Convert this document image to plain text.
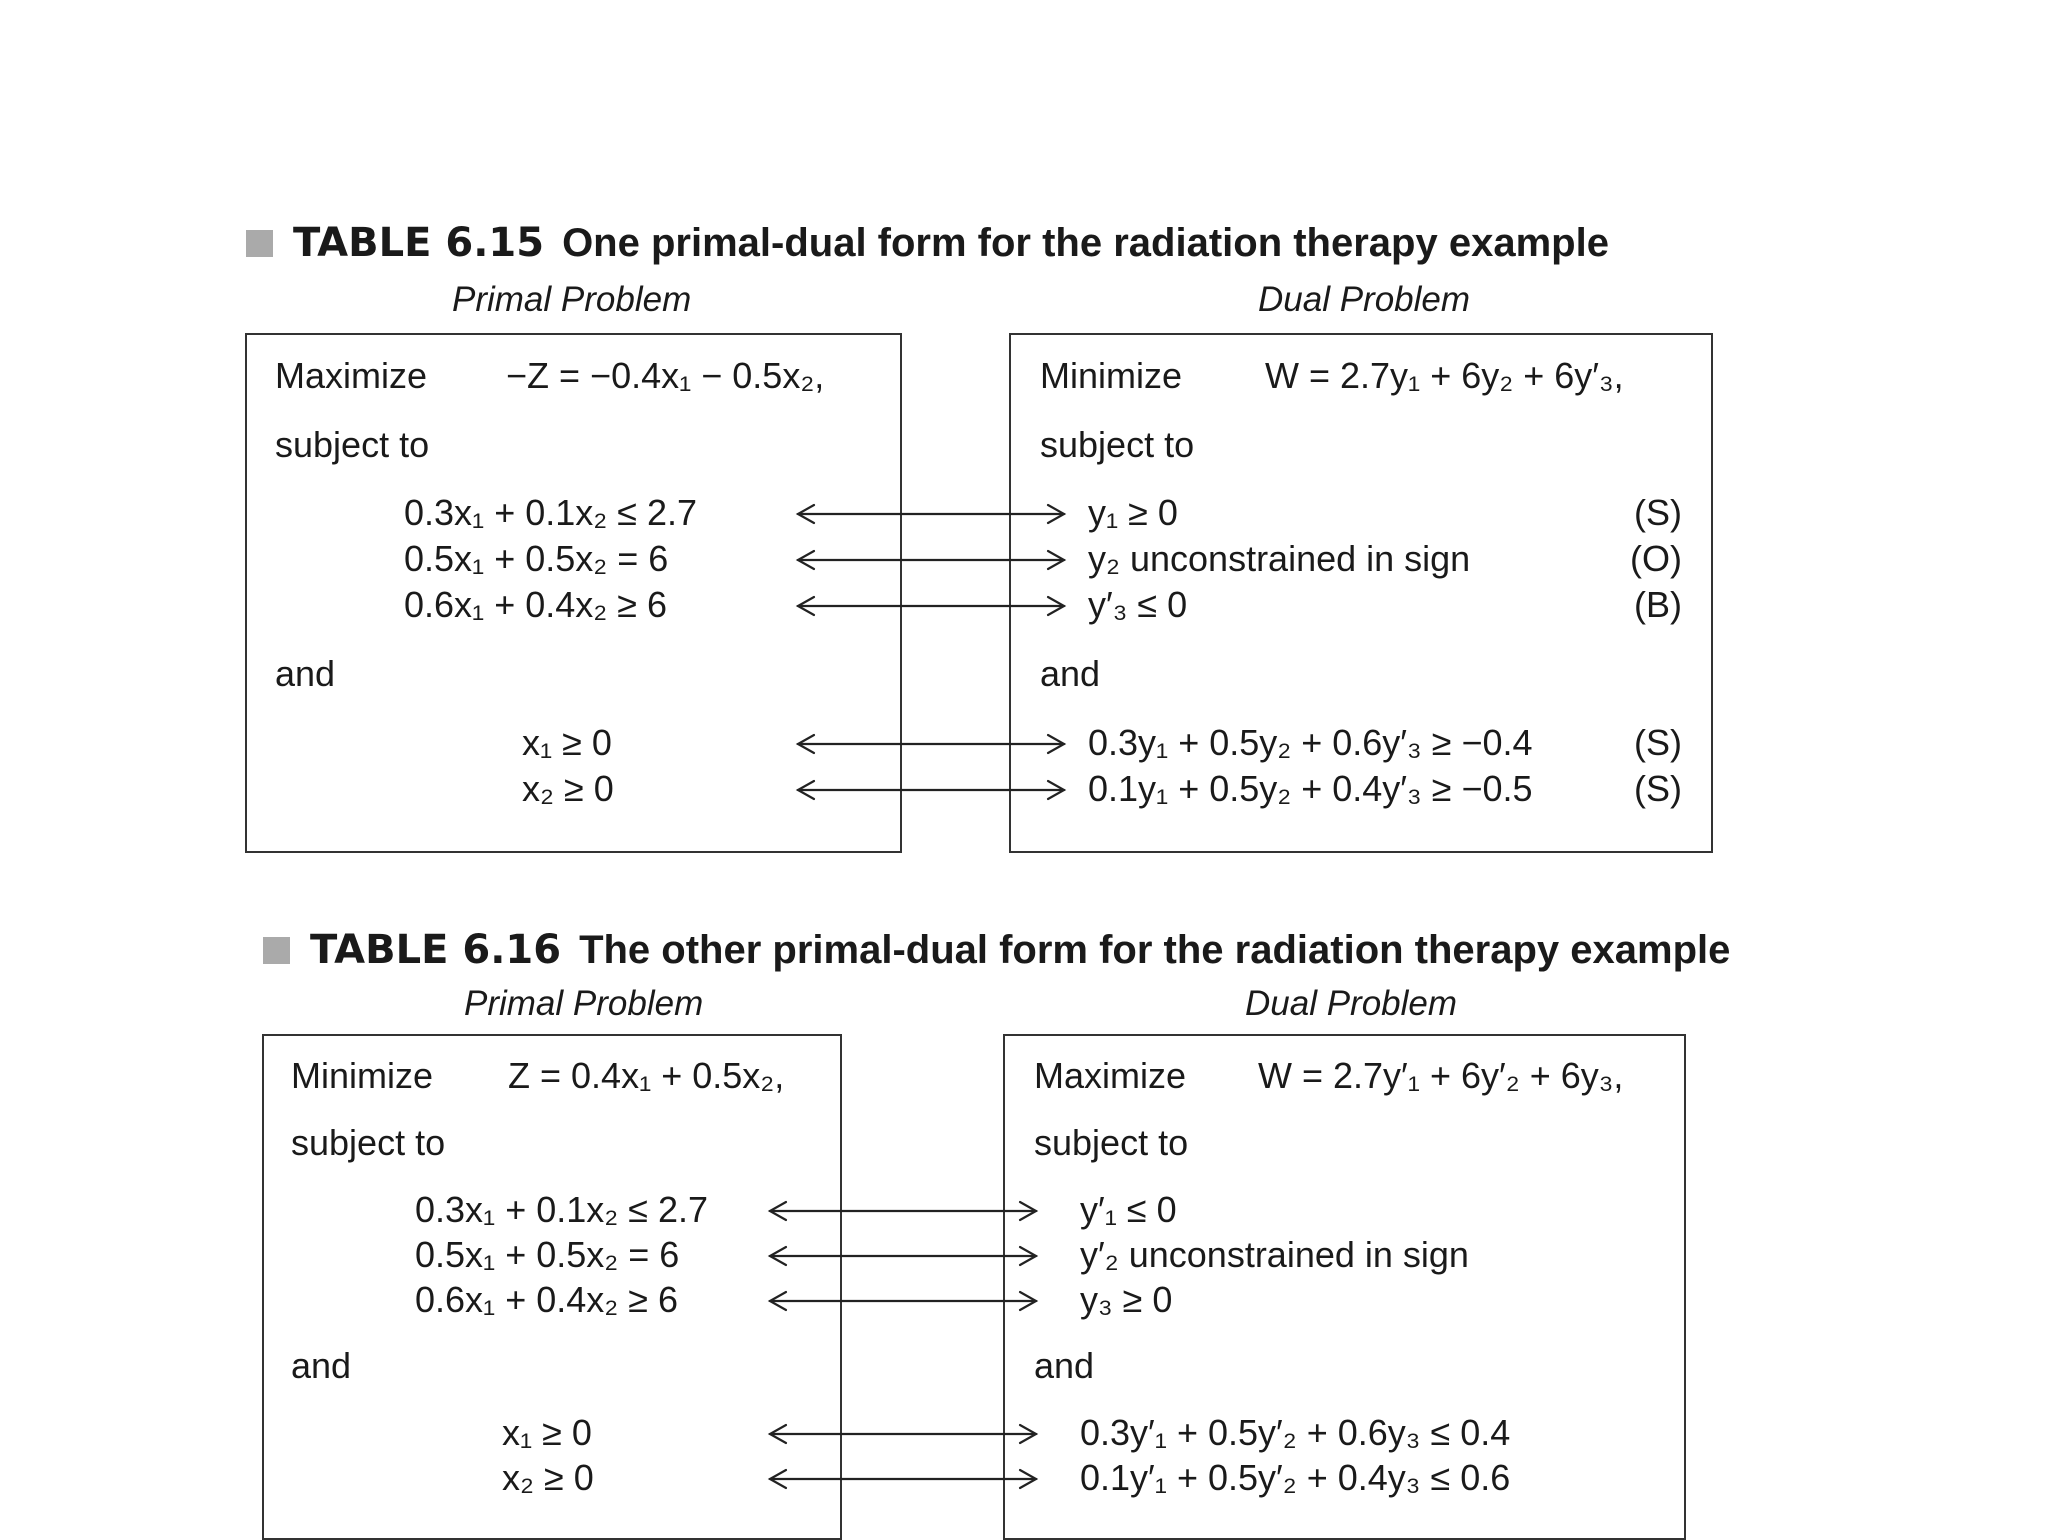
TABLE 6.15 One primal-dual form for the radiation therapy example
Primal Problem	Dual Problem
Maximize −Z = −0.4x₁ − 0.5x₂,
subject to
0.3x₁ + 0.1x₂ ≤ 2.7
0.5x₁ + 0.5x₂ = 6
0.6x₁ + 0.4x₂ ≥ 6
and
x₁ ≥ 0
x₂ ≥ 0
Minimize W = 2.7y₁ + 6y₂ + 6y′₃,
subject to
y₁ ≥ 0
y₂ unconstrained in sign
y′₃ ≤ 0
(S)
(O)
(B)
and
0.3y₁ + 0.5y₂ + 0.6y′₃ ≥ −0.4
0.1y₁ + 0.5y₂ + 0.4y′₃ ≥ −0.5
(S)
(S)
TABLE 6.16 The other primal-dual form for the radiation therapy example
Primal Problem	Dual Problem
Minimize Z = 0.4x₁ + 0.5x₂,
subject to
0.3x₁ + 0.1x₂ ≤ 2.7
0.5x₁ + 0.5x₂ = 6
0.6x₁ + 0.4x₂ ≥ 6
and
x₁ ≥ 0
x₂ ≥ 0
Maximize W = 2.7y′₁ + 6y′₂ + 6y₃,
subject to
y′₁ ≤ 0
y′₂ unconstrained in sign
y₃ ≥ 0
and
0.3y′₁ + 0.5y′₂ + 0.6y₃ ≤ 0.4
0.1y′₁ + 0.5y′₂ + 0.4y₃ ≤ 0.6
